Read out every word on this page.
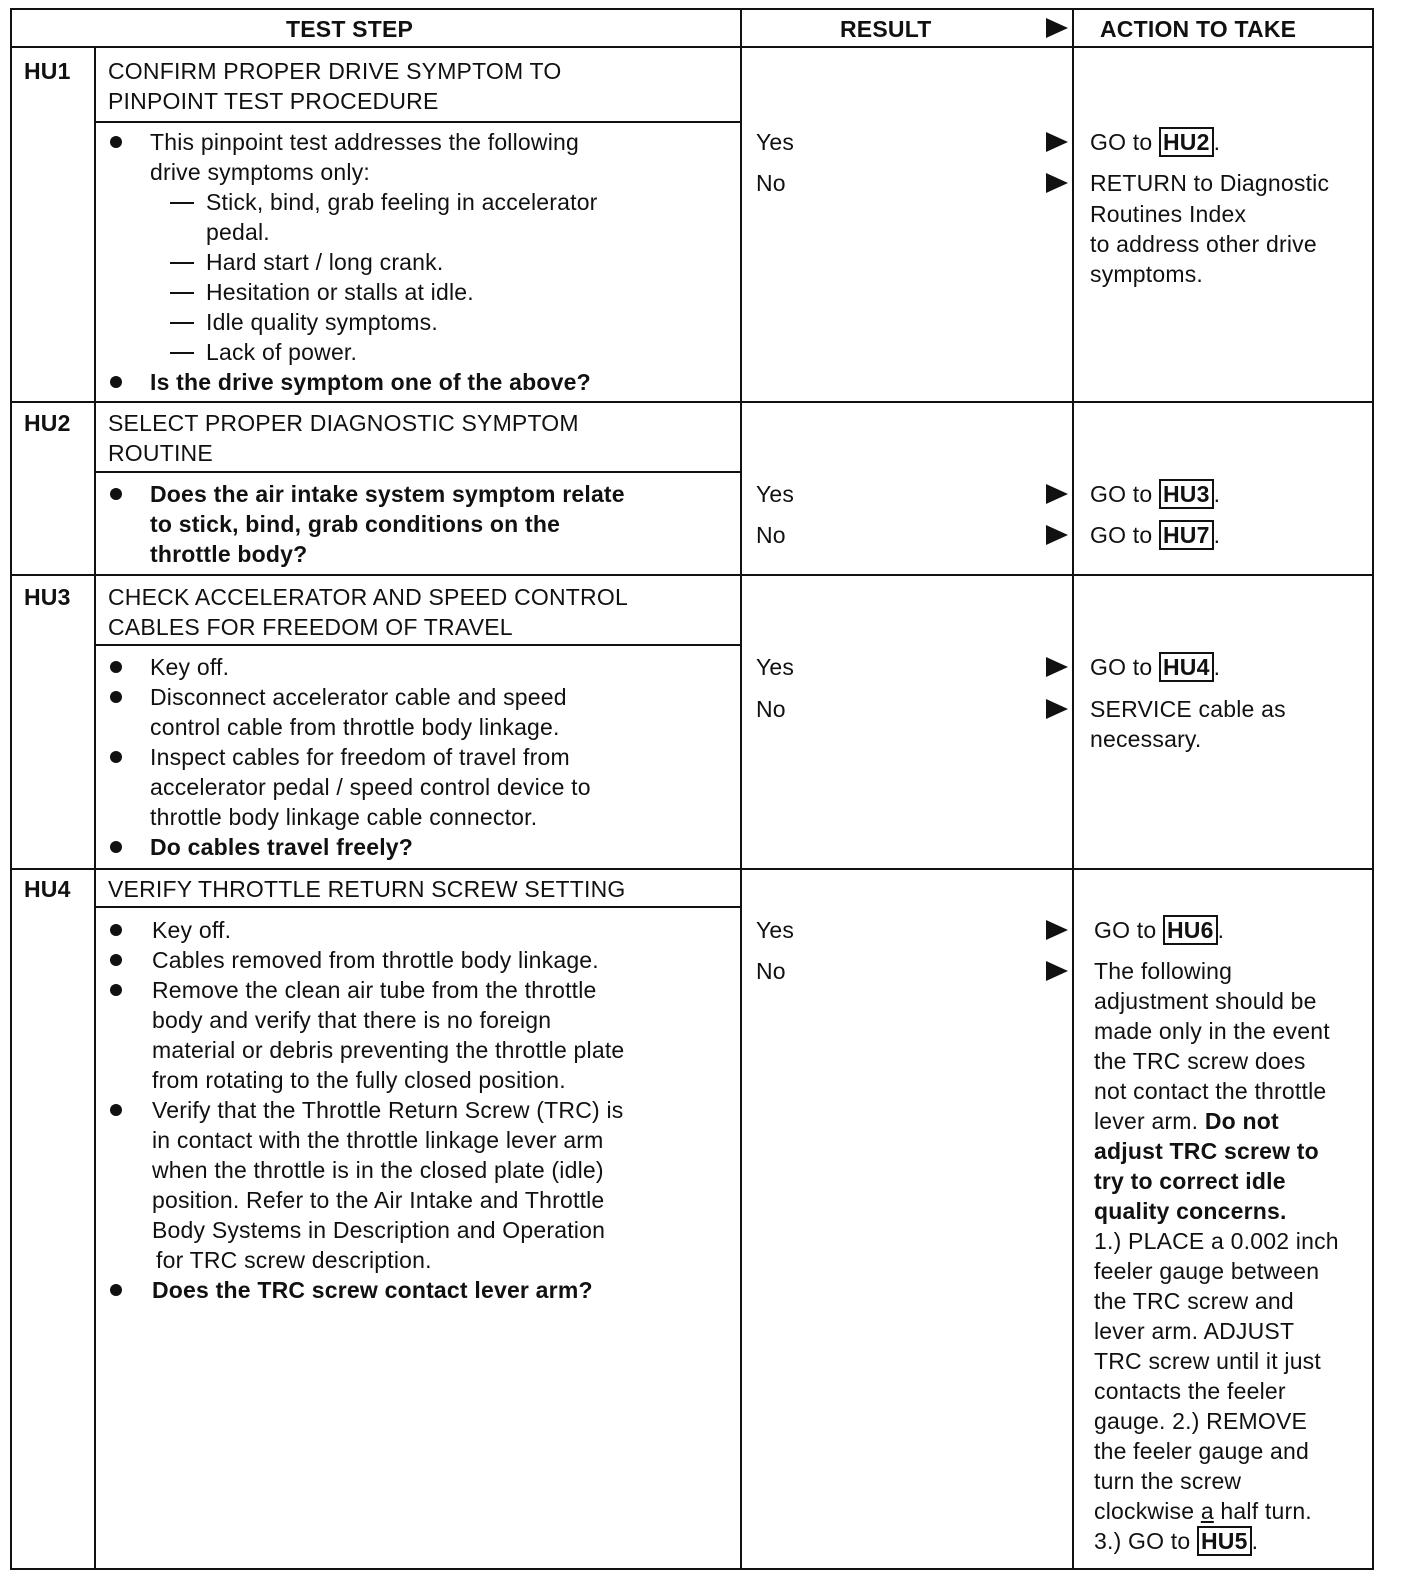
TEST STEP	RESULT	ACTION TO TAKE
HU1 CONFIRM PROPER DRIVE SYMPTOM TO
PINPOINT TEST PROCEDURE
This pinpoint test addresses the following
drive symptoms only:
Stick, bind, grab feeling in accelerator
pedal.
Hard start / long crank.
Hesitation or stalls at idle.
Idle quality symptoms.
Lack of power.
Is the drive symptom one of the above?
Yes	GO to HU2 .
No	RETURN to Diagnostic
Routines Index
to address other drive
symptoms.
HU2 SELECT PROPER DIAGNOSTIC SYMPTOM
ROUTINE
Does the air intake system symptom relate
to stick, bind, grab conditions on the
throttle body?
Yes	GO to HU3 .
No	GO to HU7 .
HU3 CHECK ACCELERATOR AND SPEED CONTROL
CABLES FOR FREEDOM OF TRAVEL
Key off.
Disconnect accelerator cable and speed
control cable from throttle body linkage.
Inspect cables for freedom of travel from
accelerator pedal / speed control device to
throttle body linkage cable connector.
Do cables travel freely?
Yes	GO to HU4 .
No	SERVICE cable as
necessary.
HU4 VERIFY THROTTLE RETURN SCREW SETTING
Key off.
Cables removed from throttle body linkage.
Remove the clean air tube from the throttle
body and verify that there is no foreign
material or debris preventing the throttle plate
from rotating to the fully closed position.
Verify that the Throttle Return Screw (TRC) is
in contact with the throttle linkage lever arm
when the throttle is in the closed plate (idle)
position. Refer to the Air Intake and Throttle
Body Systems in Description and Operation
for TRC screw description.
Does the TRC screw contact lever arm?
Yes	GO to HU6 .
No	The following
adjustment should be
made only in the event
the TRC screw does
not contact the throttle
lever arm. Do not
adjust TRC screw to
try to correct idle
quality concerns.
1.) PLACE a 0.002 inch
feeler gauge between
the TRC screw and
lever arm. ADJUST
TRC screw until it just
contacts the feeler
gauge. 2.) REMOVE
the feeler gauge and
turn the screw
clockwise a half turn.
3.) GO to HU5 .
